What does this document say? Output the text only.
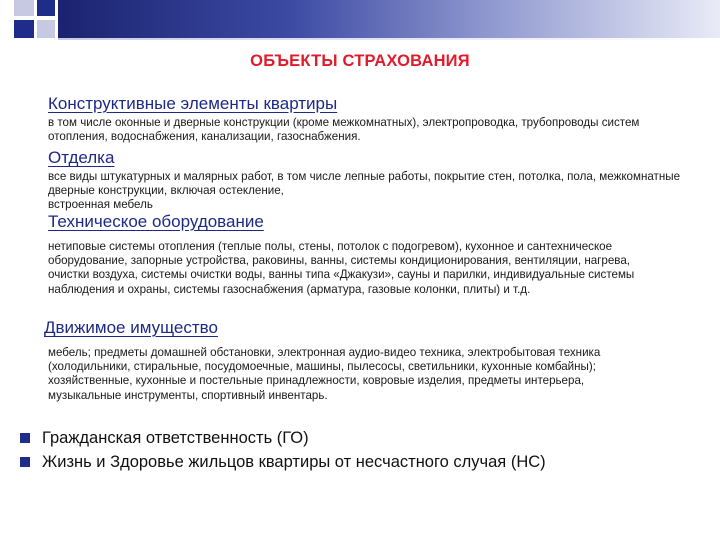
ОБЪЕКТЫ СТРАХОВАНИЯ
Конструктивные элементы квартиры
в том числе оконные и дверные конструкции (кроме межкомнатных), электропроводка, трубопроводы систем отопления, водоснабжения, канализации, газоснабжения.
Отделка
все виды штукатурных и малярных работ, в том числе лепные работы, покрытие стен, потолка, пола, межкомнатные дверные конструкции, включая остекление,
встроенная мебель
Техническое оборудование
нетиповые системы отопления (теплые полы, стены, потолок с подогревом), кухонное и сантехническое оборудование, запорные устройства, раковины, ванны, системы кондиционирования, вентиляции, нагрева, очистки воздуха, системы очистки воды, ванны типа «Джакузи», сауны и парилки, индивидуальные системы наблюдения и охраны, системы газоснабжения (арматура, газовые колонки, плиты) и т.д.
Движимое имущество
мебель; предметы домашней обстановки, электронная аудио-видео техника, электробытовая техника (холодильники, стиральные, посудомоечные, машины, пылесосы, светильники, кухонные комбайны); хозяйственные, кухонные и постельные принадлежности, ковровые изделия, предметы интерьера, музыкальные инструменты, спортивный инвентарь.
Гражданская ответственность (ГО)
Жизнь и Здоровье жильцов квартиры от несчастного случая (НС)
